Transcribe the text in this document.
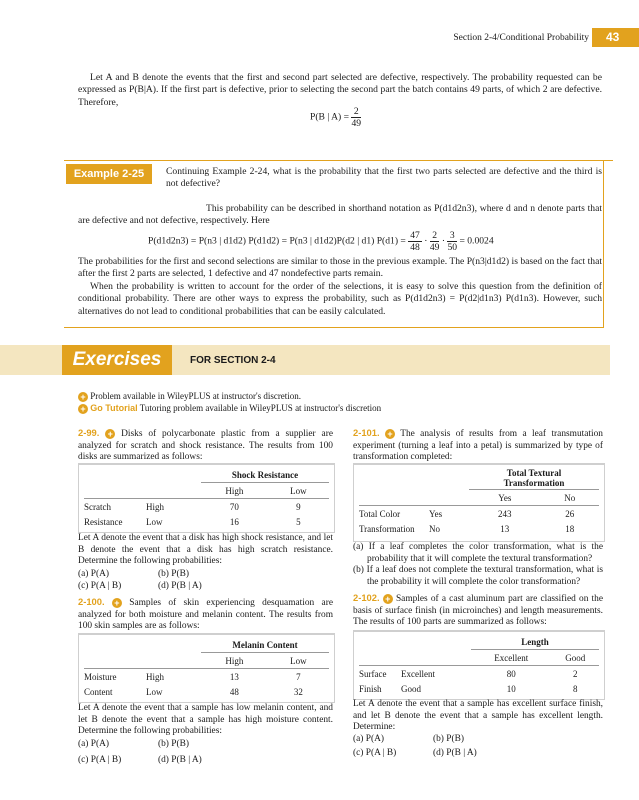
Section 2-4/Conditional Probability	43

Let A and B denote the events that the first and second part selected are defective, respectively. The probability requested can be expressed as P(B|A). If the first part is defective, prior to selecting the second part the batch contains 49 parts, of which 2 are defective. Therefore,

P(B | $A) = \frac{2}{49}$
Example 2-25	Continuing Example 2-24, what is the probability that the first two parts selected are defective and the third is not defective?

This probability can be described in shorthand notation as P(d1d2n3), where d and n denote parts that are defective and not defective, respectively. Here

P(d1d2n3) = P(n3 | d1d2) P(d1d2) = P(n3 | d1d2)P(d2 | d1) $P(d1) = \frac{47}{48} \cdot \frac{2}{49} \cdot \frac{3}{50} = 0.0024$

The probabilities for the first and second selections are similar to those in the previous example. The P(n3|d1d2) is based on the fact that after the first 2 parts are selected, 1 defective and 47 nondefective parts remain.

When the probability is written to account for the order of the selections, it is easy to solve this question from the definition of conditional probability. There are other ways to express the probability, such as P(d1d2n3) = P(d2|d1n3) P(d1n3). However, such alternatives do not lead to conditional probabilities that can be easily calculated.

Exercises	FOR SECTION 2-4
+ Problem available in WileyPLUS at instructor's discretion.
+ Go Tutorial Tutoring problem available in WileyPLUS at instructor's discretion

2-99. + Disks of polycarbonate plastic from a supplier are analyzed for scratch and shock resistance. The results from 100 disks are summarized as follows:

		Shock Resistance	
		High	Low
Scratch	High	70	9
Resistance	Low	16	5

Let A denote the event that a disk has high shock resistance, and let B denote the event that a disk has high scratch resistance. Determine the following probabilities:

(a) P(A)	(b) P(B)
(c) P(A | B)	(d) P(B | A)

2-100. + Samples of skin experiencing desquamation are analyzed for both moisture and melanin content. The results from 100 skin samples are as follows:

		Melanin Content	
		High	Low
Moisture	High	13	7
Content	Low	48	32

Let A denote the event that a sample has low melanin content, and let B denote the event that a sample has high moisture content. Determine the following probabilities:

(a) P(A)	(b) P(B)
(c) P(A | B)	(d) P(B | A)

2-101. + The analysis of results from a leaf transmutation experiment (turning a leaf into a petal) is summarized by type of transformation completed:

		Total Textural
Transformation	

		Yes	No
Total Color	Yes	243	26
Transformation	No	13	18

(a) If a leaf completes the color transformation, what is the probability that it will complete the textural transformation?

(b) If a leaf does not complete the textural transformation, what is the probability it will complete the color transformation?

2-102. + Samples of a cast aluminum part are classified on the basis of surface finish (in microinches) and length measurements. The results of 100 parts are summarized as follows:

		Length	
		Excellent	Good
Surface	Excellent	80	2
Finish	Good	10	8

Let A denote the event that a sample has excellent surface finish, and let B denote the event that a sample has excellent length. Determine:

(a) P(A)	(b) P(B)
(c) P(A | B)	(d) P(B | A)
